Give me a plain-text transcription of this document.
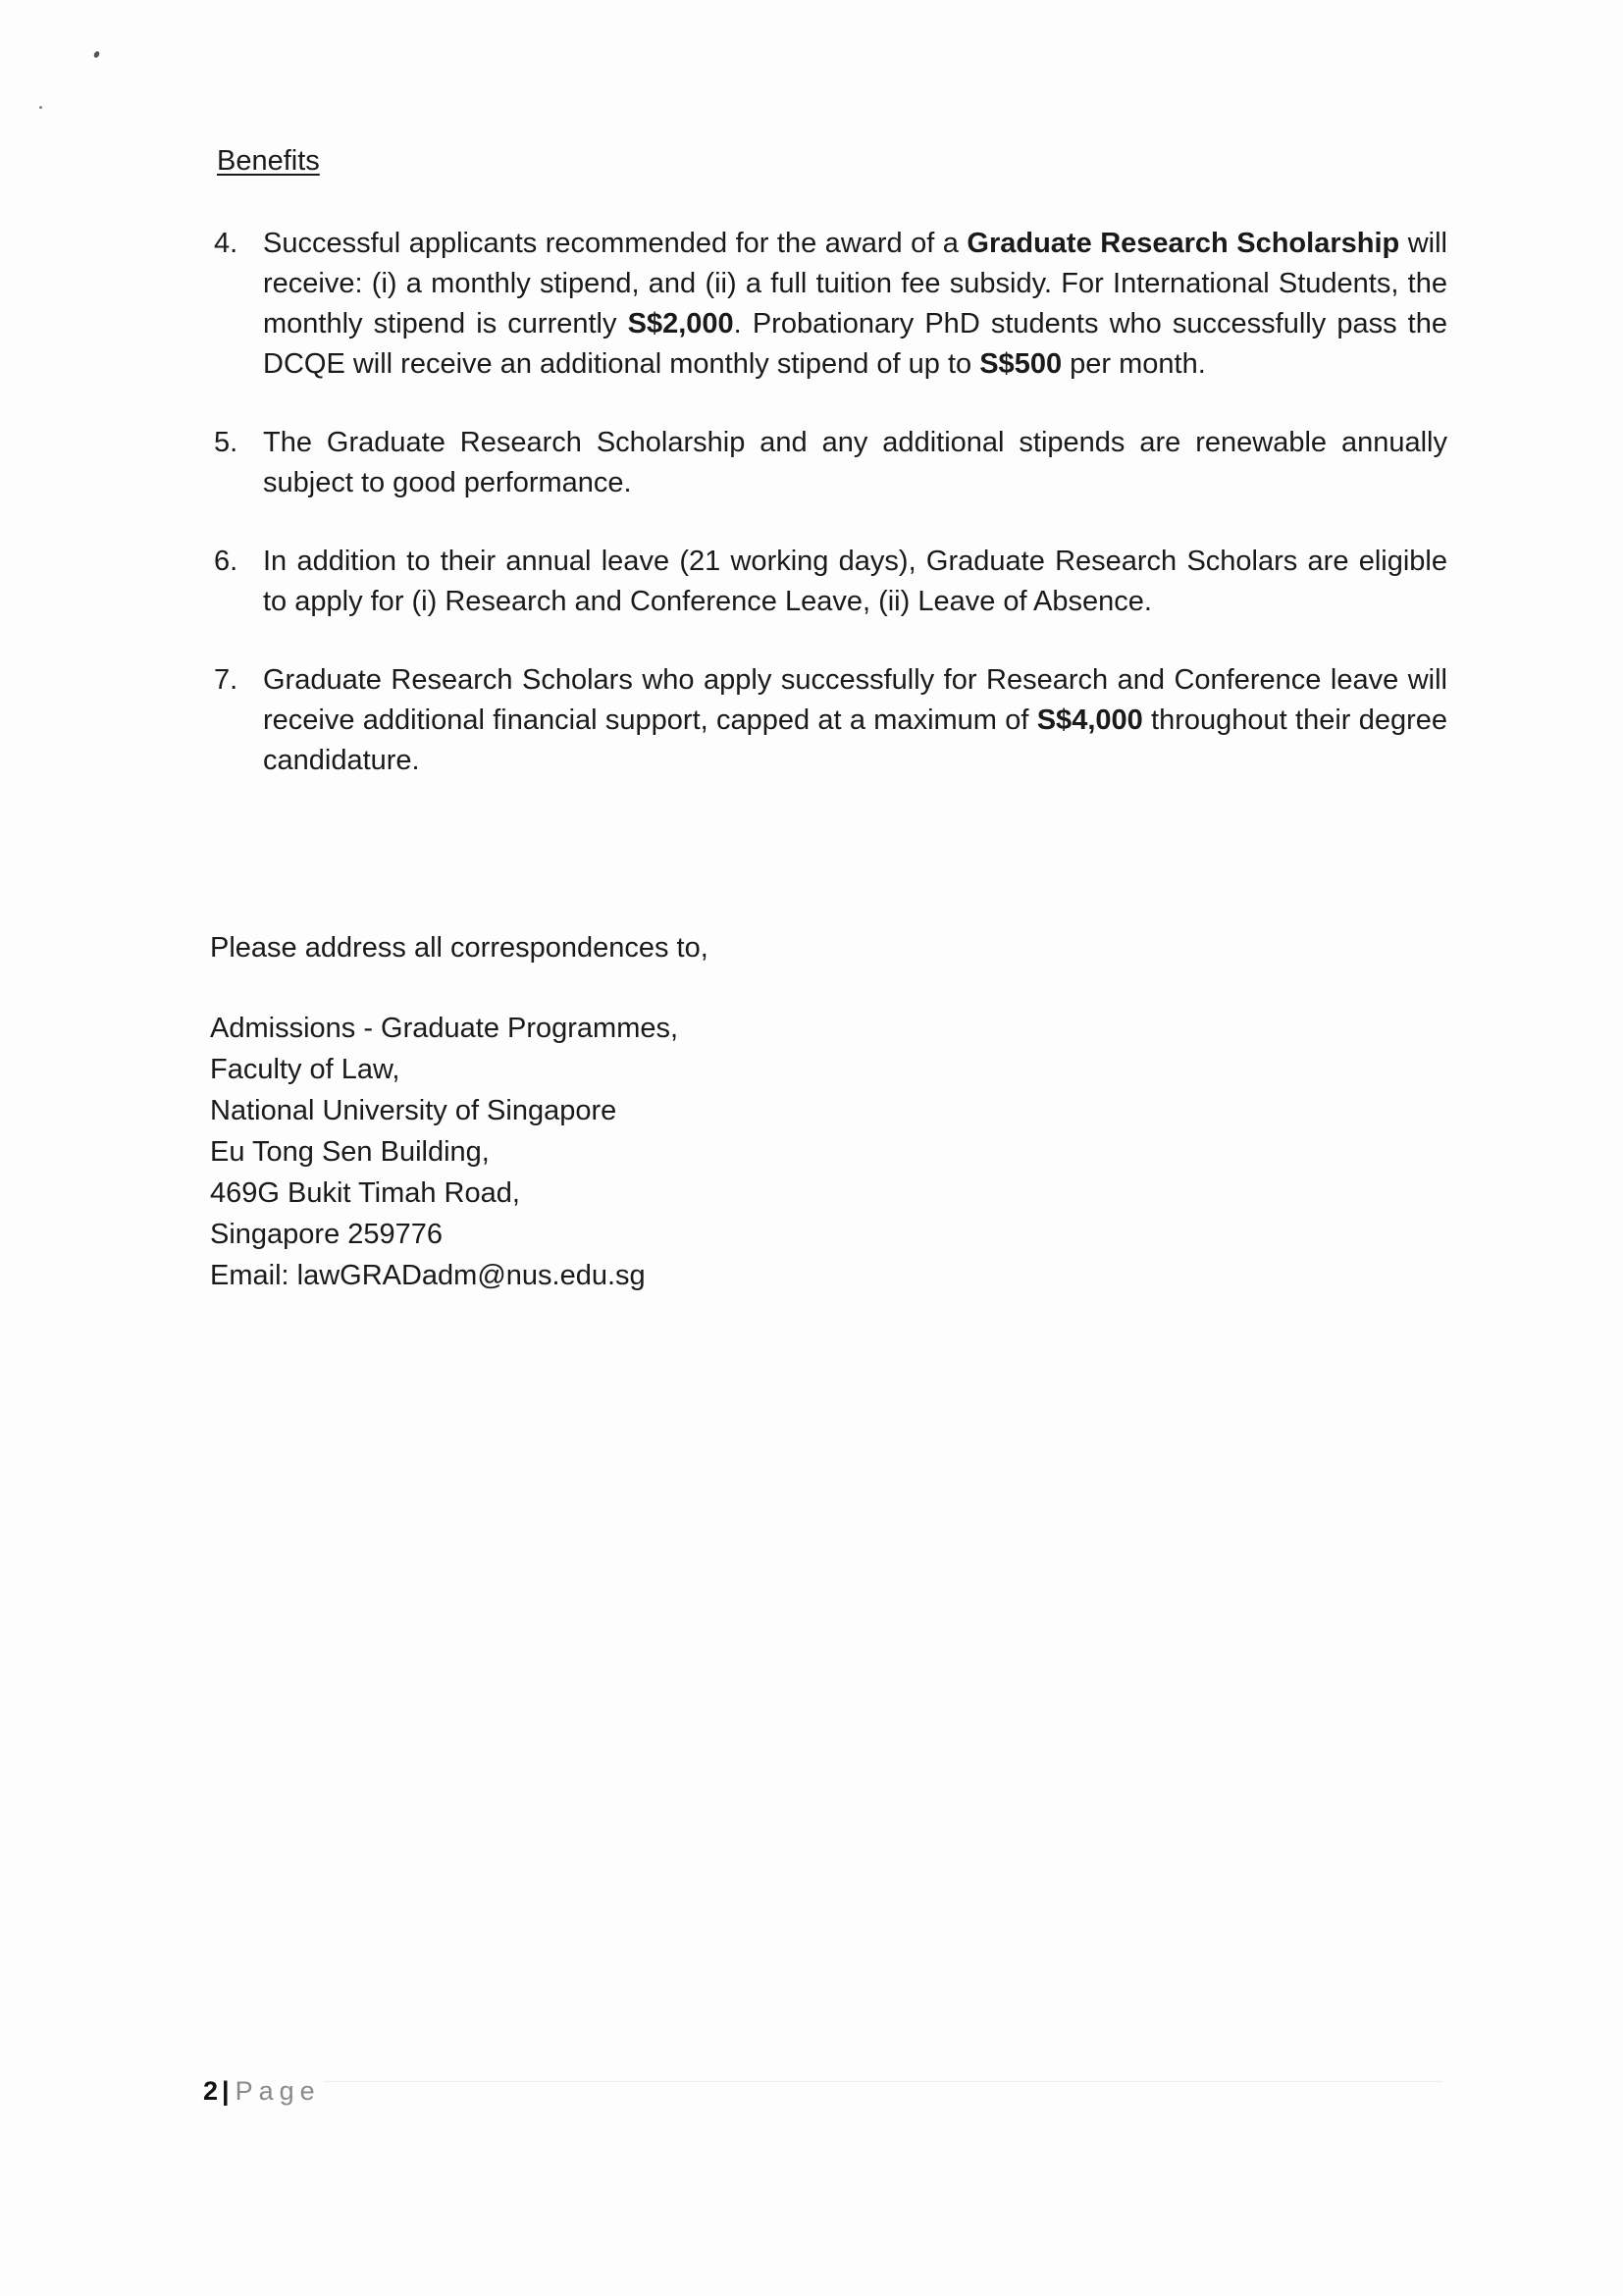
Benefits
4. Successful applicants recommended for the award of a Graduate Research Scholarship will receive: (i) a monthly stipend, and (ii) a full tuition fee subsidy. For International Students, the monthly stipend is currently S$2,000. Probationary PhD students who successfully pass the DCQE will receive an additional monthly stipend of up to S$500 per month.
5. The Graduate Research Scholarship and any additional stipends are renewable annually subject to good performance.
6. In addition to their annual leave (21 working days), Graduate Research Scholars are eligible to apply for (i) Research and Conference Leave, (ii) Leave of Absence.
7. Graduate Research Scholars who apply successfully for Research and Conference leave will receive additional financial support, capped at a maximum of S$4,000 throughout their degree candidature.
Please address all correspondences to,
Admissions - Graduate Programmes,
Faculty of Law,
National University of Singapore
Eu Tong Sen Building,
469G Bukit Timah Road,
Singapore 259776
Email: lawGRADadm@nus.edu.sg
2 | Page
